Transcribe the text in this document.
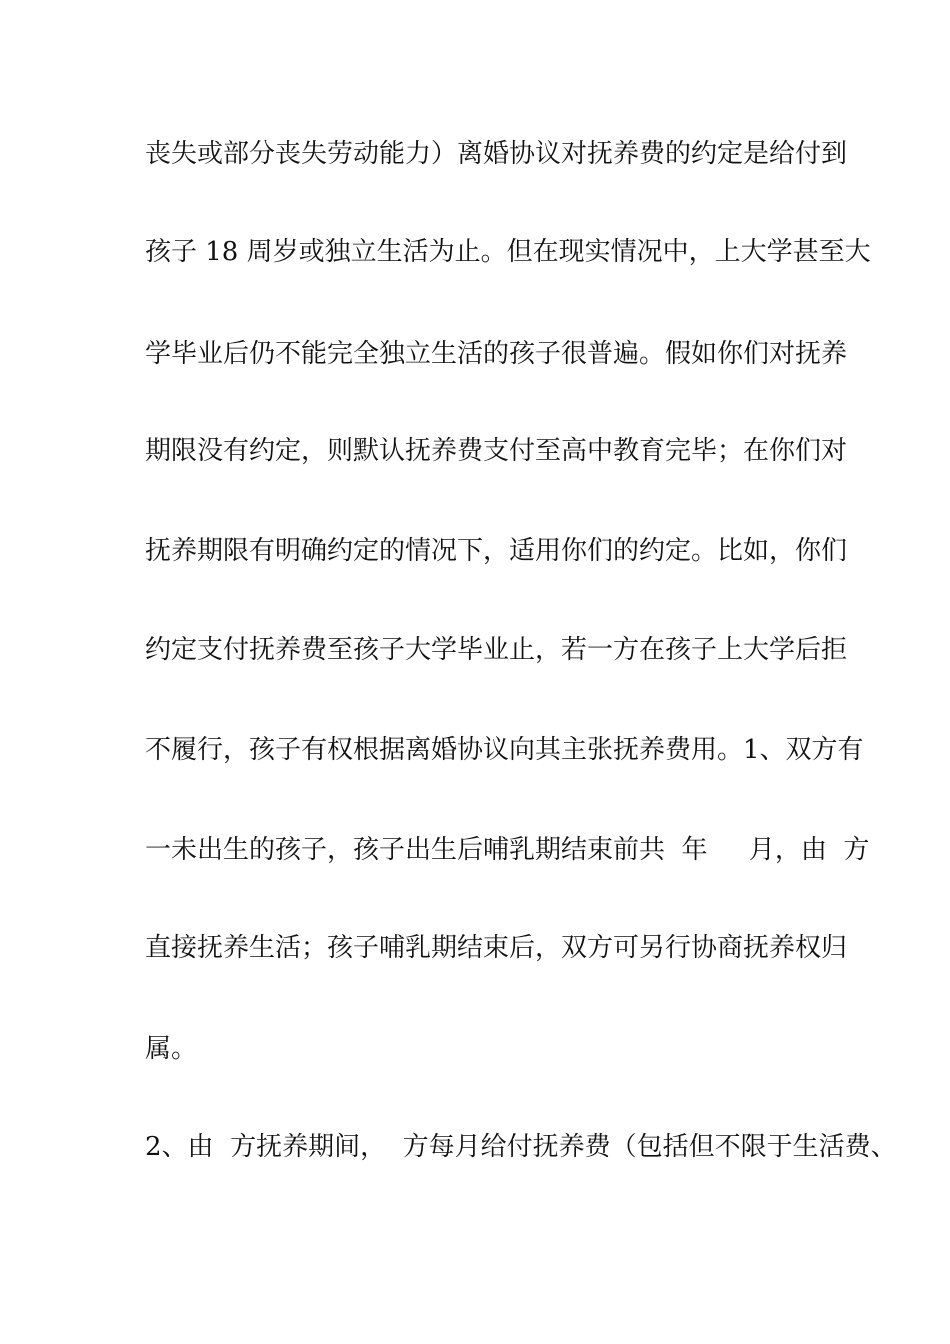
丧失或部分丧失劳动能力）离婚协议对抚养费的约定是给付到
孩子 18 周岁或独立生活为止。但在现实情况中，上大学甚至大
学毕业后仍不能完全独立生活的孩子很普遍。假如你们对抚养
期限没有约定，则默认抚养费支付至高中教育完毕；在你们对
抚养期限有明确约定的情况下，适用你们的约定。比如，你们
约定支付抚养费至孩子大学毕业止，若一方在孩子上大学后拒
不履行，孩子有权根据离婚协议向其主张抚养费用。1、双方有
一未出生的孩子，孩子出生后哺乳期结束前共  年     月，由  方
直接抚养生活；孩子哺乳期结束后，双方可另行协商抚养权归
属。
2、由  方抚养期间，  方每月给付抚养费（包括但不限于生活费、
